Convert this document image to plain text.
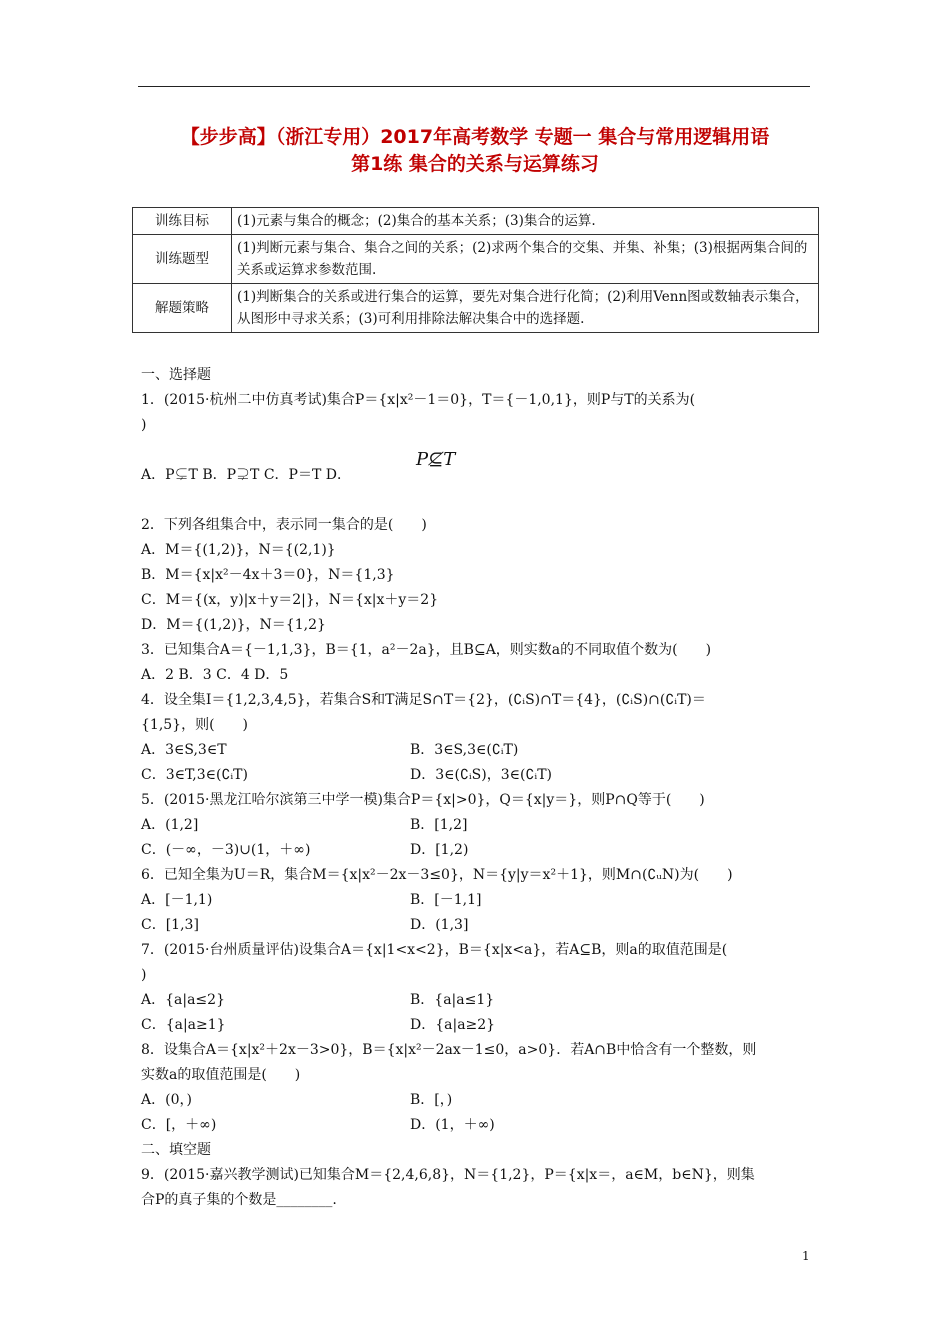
【步步高】（浙江专用）2017年高考数学 专题一 集合与常用逻辑用语
第1练 集合的关系与运算练习
训练目标	(1)元素与集合的概念；(2)集合的基本关系；(3)集合的运算.
训练题型	(1)判断元素与集合、集合之间的关系；(2)求两个集合的交集、并集、补集；(3)根据两集合间的关系或运算求参数范围.
解题策略	(1)判断集合的关系或进行集合的运算，要先对集合进行化简；(2)利用Venn图或数轴表示集合，从图形中寻求关系；(3)可利用排除法解决集合中的选择题.
一、选择题
1．(2015·杭州二中仿真考试)集合P＝{x|x²－1＝0}，T＝{－1,0,1}，则P与T的关系为(
)
A．P⊊T B．P⊋T C．P＝T D．
P⊈T
2．下列各组集合中，表示同一集合的是(　　)
A．M＝{(1,2)}，N＝{(2,1)}
B．M＝{x|x²－4x＋3＝0}，N＝{1,3}
C．M＝{(x，y)|x＋y＝2|}，N＝{x|x＋y＝2}
D．M＝{(1,2)}，N＝{1,2}
3．已知集合A＝{－1,1,3}，B＝{1，a²－2a}，且B⊆A，则实数a的不同取值个数为(　　)
A．2 B．3 C．4 D．5
4．设全集I＝{1,2,3,4,5}，若集合S和T满足S∩T＝{2}，(∁ᵢS)∩T＝{4}，(∁ᵢS)∩(∁ᵢT)＝
{1,5}，则(　　)
A．3∈S,3∈T	B．3∈S,3∈(∁ᵢT)
C．3∈T,3∈(∁ᵢT)	D．3∈(∁ᵢS)，3∈(∁ᵢT)
5．(2015·黑龙江哈尔滨第三中学一模)集合P＝{x|>0}，Q＝{x|y＝}，则P∩Q等于(　　)
A．(1,2]	B．[1,2]
C．(－∞，－3)∪(1，＋∞)	D．[1,2)
6．已知全集为U＝R，集合M＝{x|x²－2x－3≤0}，N＝{y|y＝x²＋1}，则M∩(∁ᵤN)为(　　)
A．[－1,1)	B．[－1,1]
C．[1,3]	D．(1,3]
7．(2015·台州质量评估)设集合A＝{x|1<x<2}，B＝{x|x<a}，若A⊆B，则a的取值范围是(
)
A．{a|a≤2}	B．{a|a≤1}
C．{a|a≥1}	D．{a|a≥2}
8．设集合A＝{x|x²＋2x－3>0}，B＝{x|x²－2ax－1≤0，a>0}．若A∩B中恰含有一个整数，则
实数a的取值范围是(　　)
A．(0，)	B．[，)
C．[，＋∞)	D．(1，＋∞)
二、填空题
9．(2015·嘉兴教学测试)已知集合M＝{2,4,6,8}，N＝{1,2}，P＝{x|x＝，a∈M，b∈N}，则集
合P的真子集的个数是________.
1
